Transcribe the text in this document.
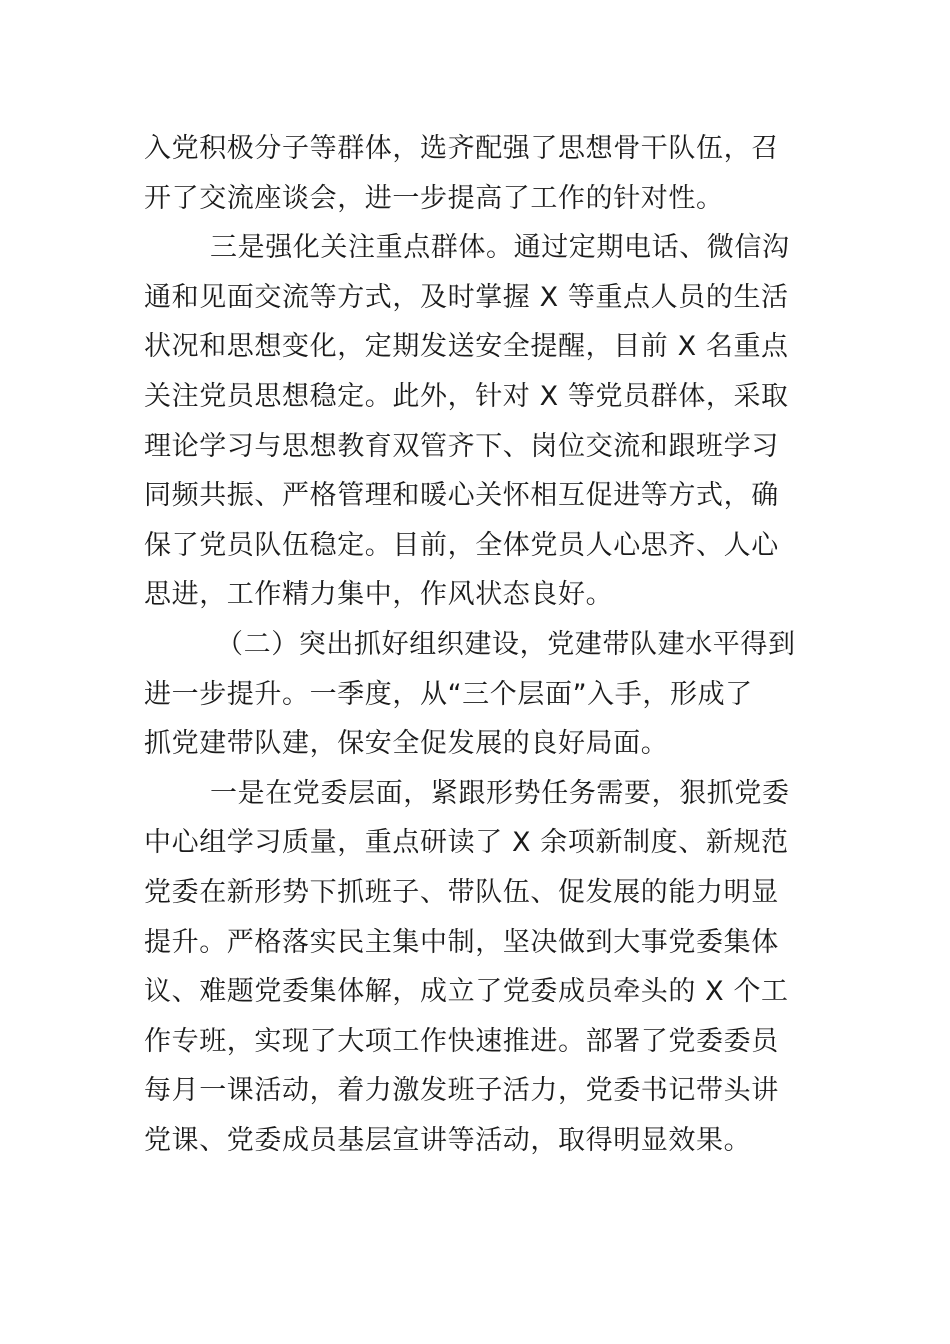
入党积极分子等群体，选齐配强了思想骨干队伍，召
开了交流座谈会，进一步提高了工作的针对性。
三是强化关注重点群体。通过定期电话、微信沟
通和见面交流等方式，及时掌握 X 等重点人员的生活
状况和思想变化，定期发送安全提醒，目前 X 名重点
关注党员思想稳定。此外，针对 X 等党员群体，采取
理论学习与思想教育双管齐下、岗位交流和跟班学习
同频共振、严格管理和暖心关怀相互促进等方式，确
保了党员队伍稳定。目前，全体党员人心思齐、人心
思进，工作精力集中，作风状态良好。
（二）突出抓好组织建设，党建带队建水平得到
进一步提升。一季度，从“三个层面”入手，形成了
抓党建带队建，保安全促发展的良好局面。
一是在党委层面，紧跟形势任务需要，狠抓党委
中心组学习质量，重点研读了 X 余项新制度、新规范
党委在新形势下抓班子、带队伍、促发展的能力明显
提升。严格落实民主集中制，坚决做到大事党委集体
议、难题党委集体解，成立了党委成员牵头的 X 个工
作专班，实现了大项工作快速推进。部署了党委委员
每月一课活动，着力激发班子活力，党委书记带头讲
党课、党委成员基层宣讲等活动，取得明显效果。
